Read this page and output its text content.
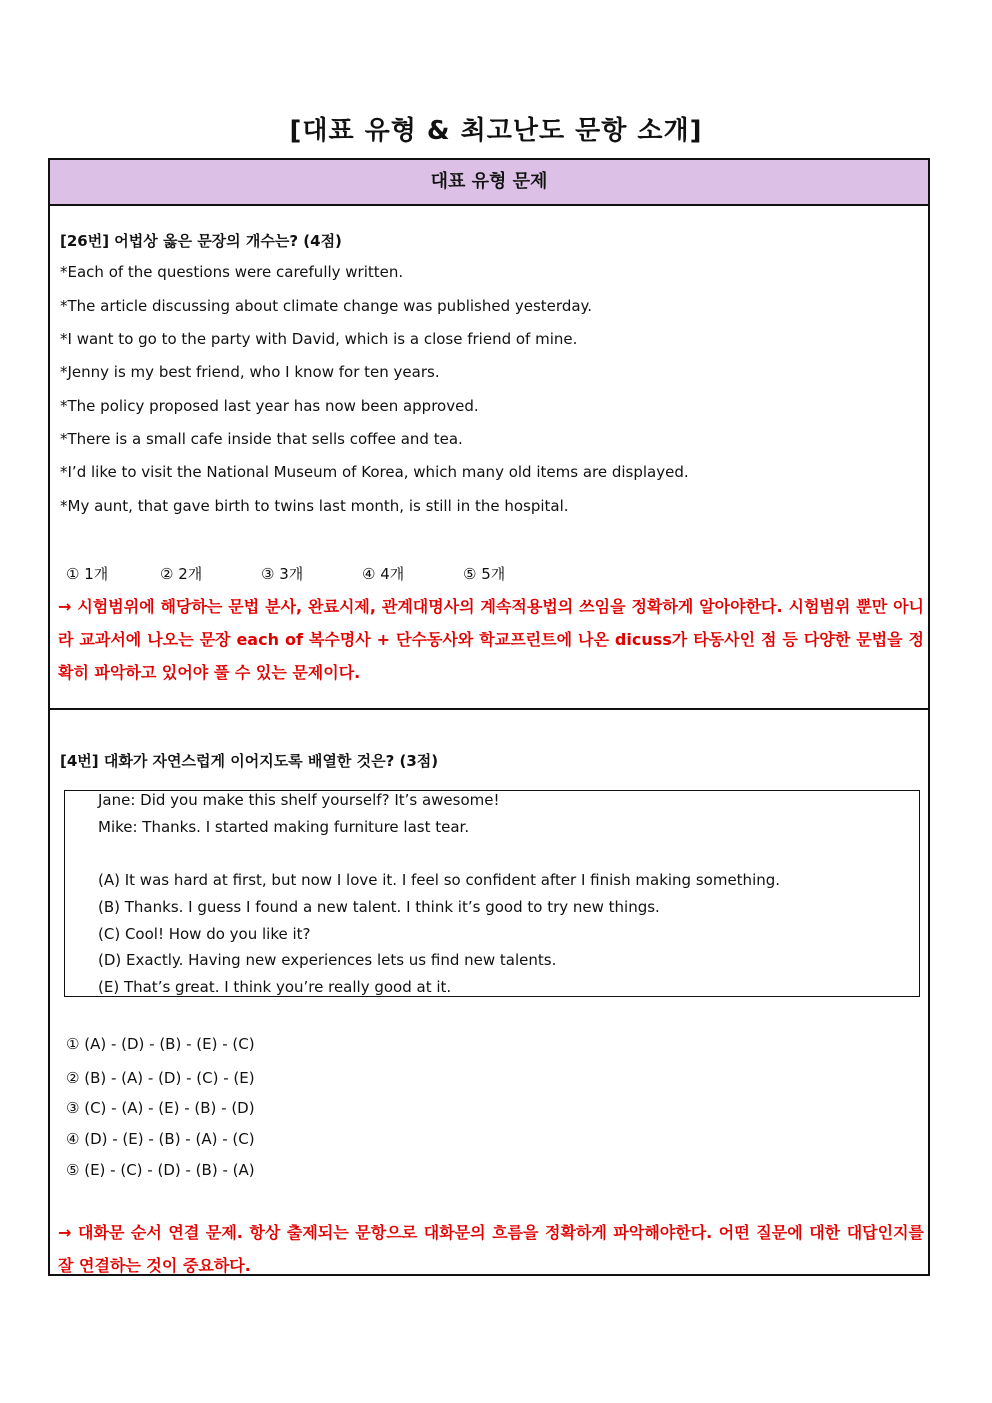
[대표 유형 & 최고난도 문항 소개]
대표 유형 문제
[26번] 어법상 옳은 문장의 개수는? (4점)
*Each of the questions were carefully written.
*The article discussing about climate change was published yesterday.
*I want to go to the party with David, which is a close friend of mine.
*Jenny is my best friend, who I know for ten years.
*The policy proposed last year has now been approved.
*There is a small cafe inside that sells coffee and tea.
*I’d like to visit the National Museum of Korea, which many old items are displayed.
*My aunt, that gave birth to twins last month, is still in the hospital.
① 1개	② 2개	③ 3개	④ 4개	⑤ 5개
→ 시험범위에 해당하는 문법 분사, 완료시제, 관계대명사의 계속적용법의 쓰임을 정확하게 알아야한다. 시험범위 뿐만 아니라 교과서에 나오는 문장 each of 복수명사 + 단수동사와 학교프린트에 나온 dicuss가 타동사인 점 등 다양한 문법을 정확히 파악하고 있어야 풀 수 있는 문제이다.
[4번] 대화가 자연스럽게 이어지도록 배열한 것은? (3점)
Jane: Did you make this shelf yourself? It’s awesome!
Mike: Thanks. I started making furniture last tear.
(A) It was hard at first, but now I love it. I feel so confident after I finish making something.
(B) Thanks. I guess I found a new talent. I think it’s good to try new things.
(C) Cool! How do you like it?
(D) Exactly. Having new experiences lets us find new talents.
(E) That’s great. I think you’re really good at it.
① (A) - (D) - (B) - (E) - (C)
② (B) - (A) - (D) - (C) - (E)
③ (C) - (A) - (E) - (B) - (D)
④ (D) - (E) - (B) - (A) - (C)
⑤ (E) - (C) - (D) - (B) - (A)
→ 대화문 순서 연결 문제. 항상 출제되는 문항으로 대화문의 흐름을 정확하게 파악해야한다. 어떤 질문에 대한 대답인지를 잘 연결하는 것이 중요하다.
